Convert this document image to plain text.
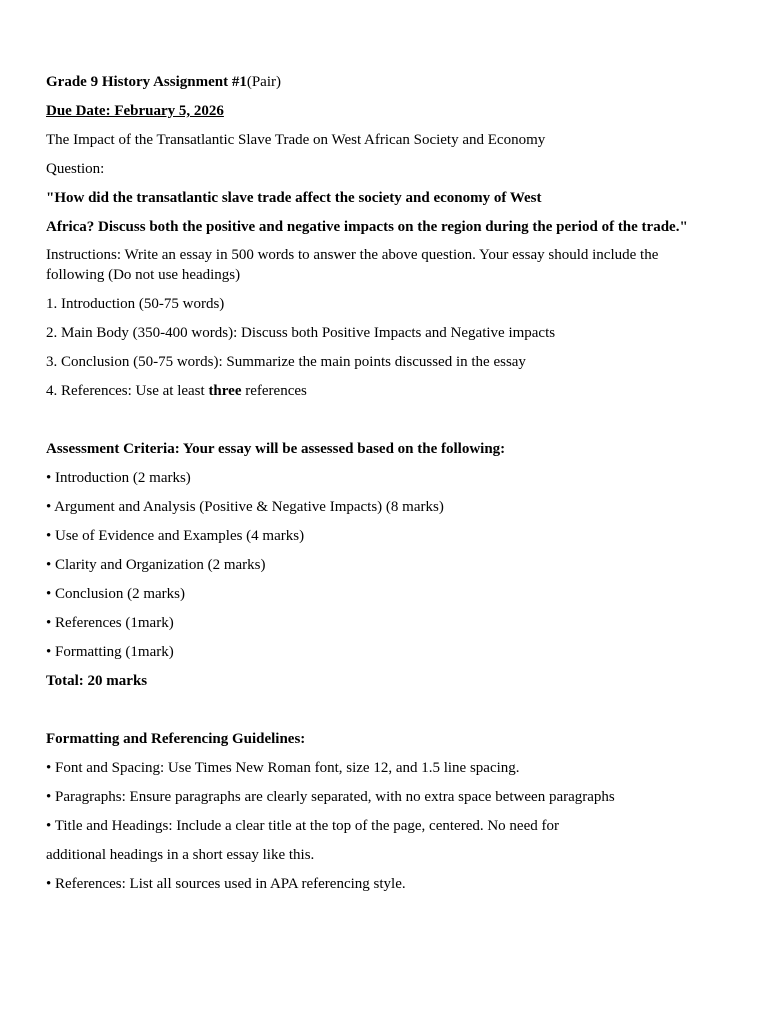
Grade 9 History Assignment #1(Pair)
Due Date: February 5, 2026
The Impact of the Transatlantic Slave Trade on West African Society and Economy
Question:
"How did the transatlantic slave trade affect the society and economy of West
Africa? Discuss both the positive and negative impacts on the region during the period of the trade."
Instructions: Write an essay in 500 words to answer the above question. Your essay should include the following (Do not use headings)
1. Introduction (50-75 words)
2. Main Body (350-400 words): Discuss both Positive Impacts and Negative impacts
3. Conclusion (50-75 words): Summarize the main points discussed in the essay
4. References: Use at least three references
Assessment Criteria: Your essay will be assessed based on the following:
• Introduction (2 marks)
• Argument and Analysis (Positive & Negative Impacts) (8 marks)
• Use of Evidence and Examples (4 marks)
• Clarity and Organization (2 marks)
• Conclusion (2 marks)
• References (1mark)
• Formatting (1mark)
Total: 20 marks
Formatting and Referencing Guidelines:
• Font and Spacing: Use Times New Roman font, size 12, and 1.5 line spacing.
• Paragraphs: Ensure paragraphs are clearly separated, with no extra space between paragraphs
• Title and Headings: Include a clear title at the top of the page, centered. No need for
additional headings in a short essay like this.
• References: List all sources used in APA referencing style.
